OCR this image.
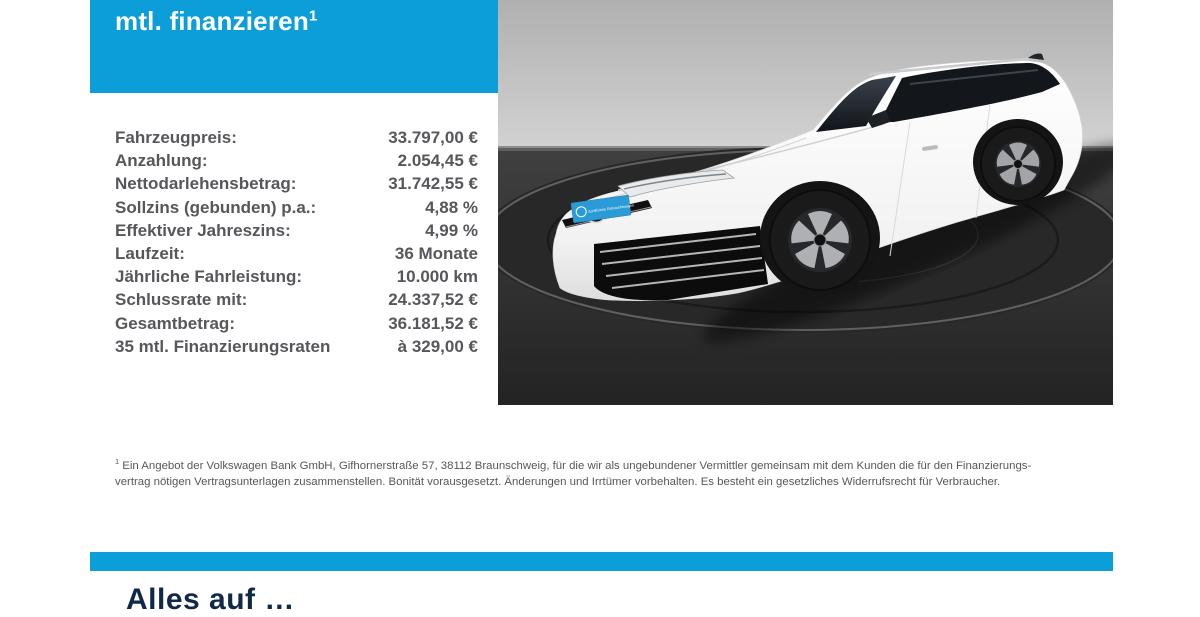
mtl. finanzieren$^1$
Fahrzeugpreis:	33.797,00 €
Anzahlung:	2.054,45 €
Nettodarlehensbetrag:	31.742,55 €
Sollzins (gebunden) p.a.:	4,88 %
Effektiver Jahreszins:	4,99 %
Laufzeit:	36 Monate
Jährliche Fahrleistung:	10.000 km
Schlussrate mit:	24.337,52 €
Gesamtbetrag:	36.181,52 €
35 mtl. Finanzierungsraten	à 329,00 €
Zertifizierte Gebrauchtwagen
$^1$ Ein Angebot der Volkswagen Bank GmbH, Gifhornerstraße 57, 38112 Braunschweig, für die wir als ungebundener Vermittler gemeinsam mit dem Kunden die für den Finanzierungs-
vertrag nötigen Vertragsunterlagen zusammenstellen. Bonität vorausgesetzt. Änderungen und Irrtümer vorbehalten. Es besteht ein gesetzliches Widerrufsrecht für Verbraucher.
Alles auf …
